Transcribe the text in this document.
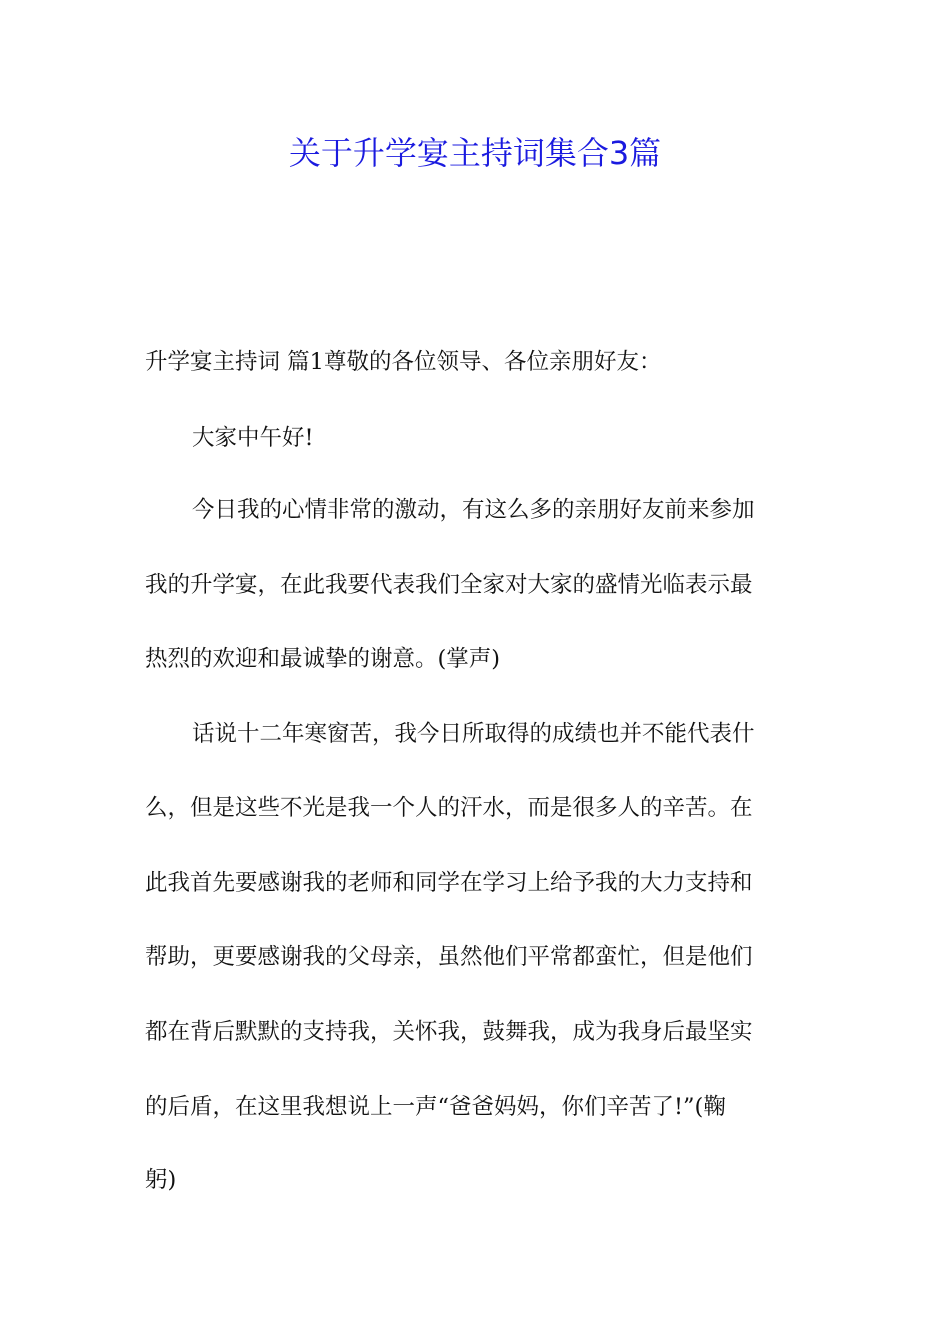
关于升学宴主持词集合3篇

升学宴主持词 篇1尊敬的各位领导、各位亲朋好友：

大家中午好!

今日我的心情非常的激动，有这么多的亲朋好友前来参加

我的升学宴，在此我要代表我们全家对大家的盛情光临表示最

热烈的欢迎和最诚挚的谢意。(掌声)

话说十二年寒窗苦，我今日所取得的成绩也并不能代表什

么，但是这些不光是我一个人的汗水，而是很多人的辛苦。在

此我首先要感谢我的老师和同学在学习上给予我的大力支持和

帮助，更要感谢我的父母亲，虽然他们平常都蛮忙，但是他们

都在背后默默的支持我，关怀我，鼓舞我，成为我身后最坚实

的后盾，在这里我想说上一声“爸爸妈妈，你们辛苦了!”(鞠

躬)
